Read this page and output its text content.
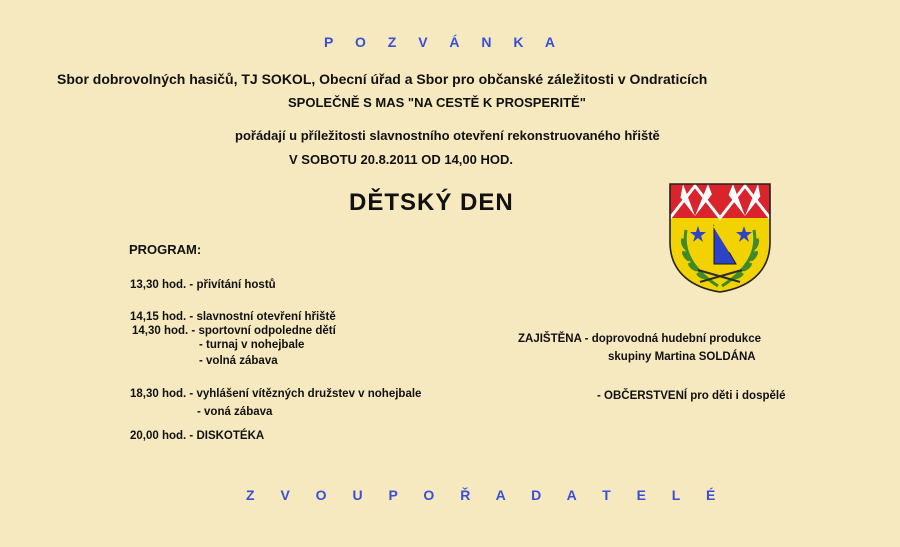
P O Z V Á N K A
Sbor dobrovolných hasičů, TJ SOKOL, Obecní úřad a Sbor pro občanské záležitosti v Ondraticích
SPOLEČNĚ S MAS "NA CESTĚ K PROSPERITĚ"
pořádají u příležitosti slavnostního otevření rekonstruovaného hřiště
V SOBOTU 20.8.2011 OD 14,00 HOD.
DĚTSKÝ DEN
PROGRAM:
13,30 hod. - přivítání hostů
14,15 hod. - slavnostní otevření hřiště
14,30 hod. - sportovní odpoledne dětí
- turnaj v nohejbale
- volná zábava
18,30 hod. - vyhlášení vítězných družstev v nohejbale
- voná zábava
20,00 hod. - DISKOTÉKA
ZAJIŠTĚNA - doprovodná hudební produkce
skupiny Martina SOLDÁNA
- OBČERSTVENÍ pro děti i dospělé
Z V O U P O Ř A D A T E L É
